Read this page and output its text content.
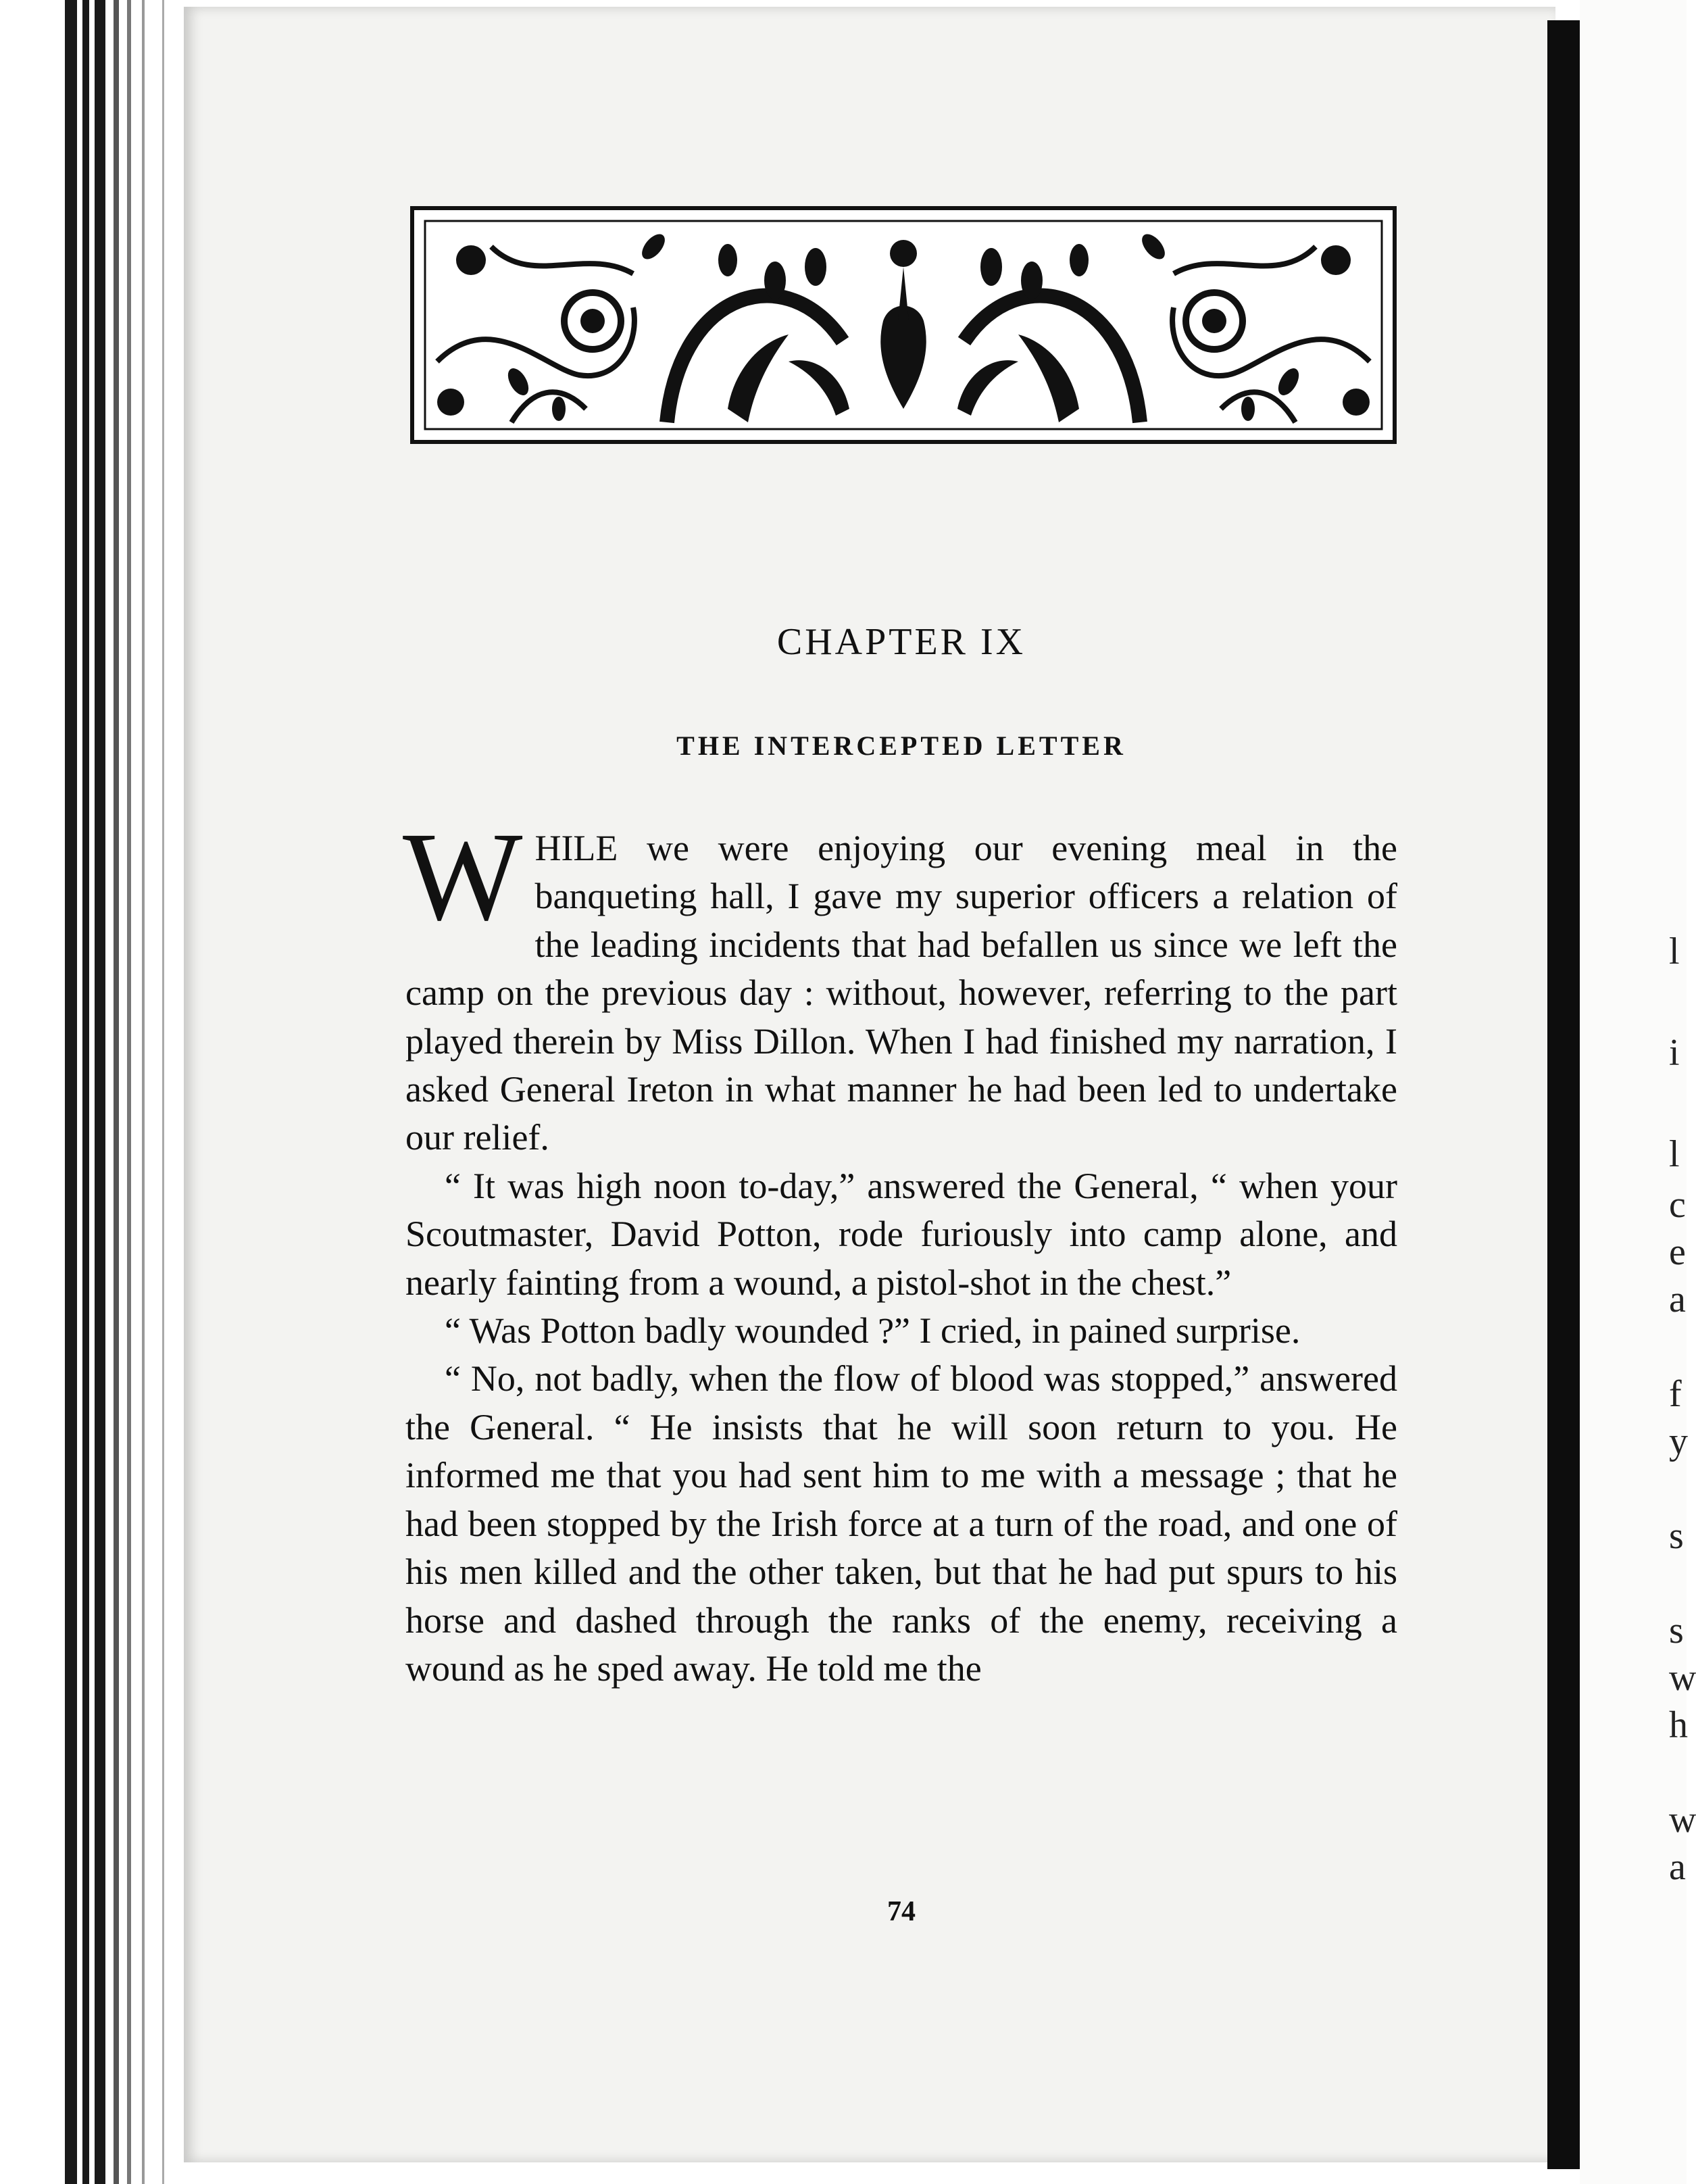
l
i
l
c
e
a
f
y
s
s
w
h
w
a
CHAPTER IX
THE INTERCEPTED LETTER

WHILE we were enjoying our evening meal in the banqueting hall, I gave my superior officers a relation of the leading incidents that had befallen us since we left the camp on the previous day : without, however, referring to the part played therein by Miss Dillon. When I had finished my narration, I asked General Ireton in what manner he had been led to undertake our relief.

“ It was high noon to-day,” answered the General, “ when your Scoutmaster, David Potton, rode furiously into camp alone, and nearly fainting from a wound, a pistol-shot in the chest.”

“ Was Potton badly wounded ?” I cried, in pained surprise.

“ No, not badly, when the flow of blood was stopped,” answered the General. “ He insists that he will soon return to you. He informed me that you had sent him to me with a message ; that he had been stopped by the Irish force at a turn of the road, and one of his men killed and the other taken, but that he had put spurs to his horse and dashed through the ranks of the enemy, receiving a wound as he sped away. He told me the

74
